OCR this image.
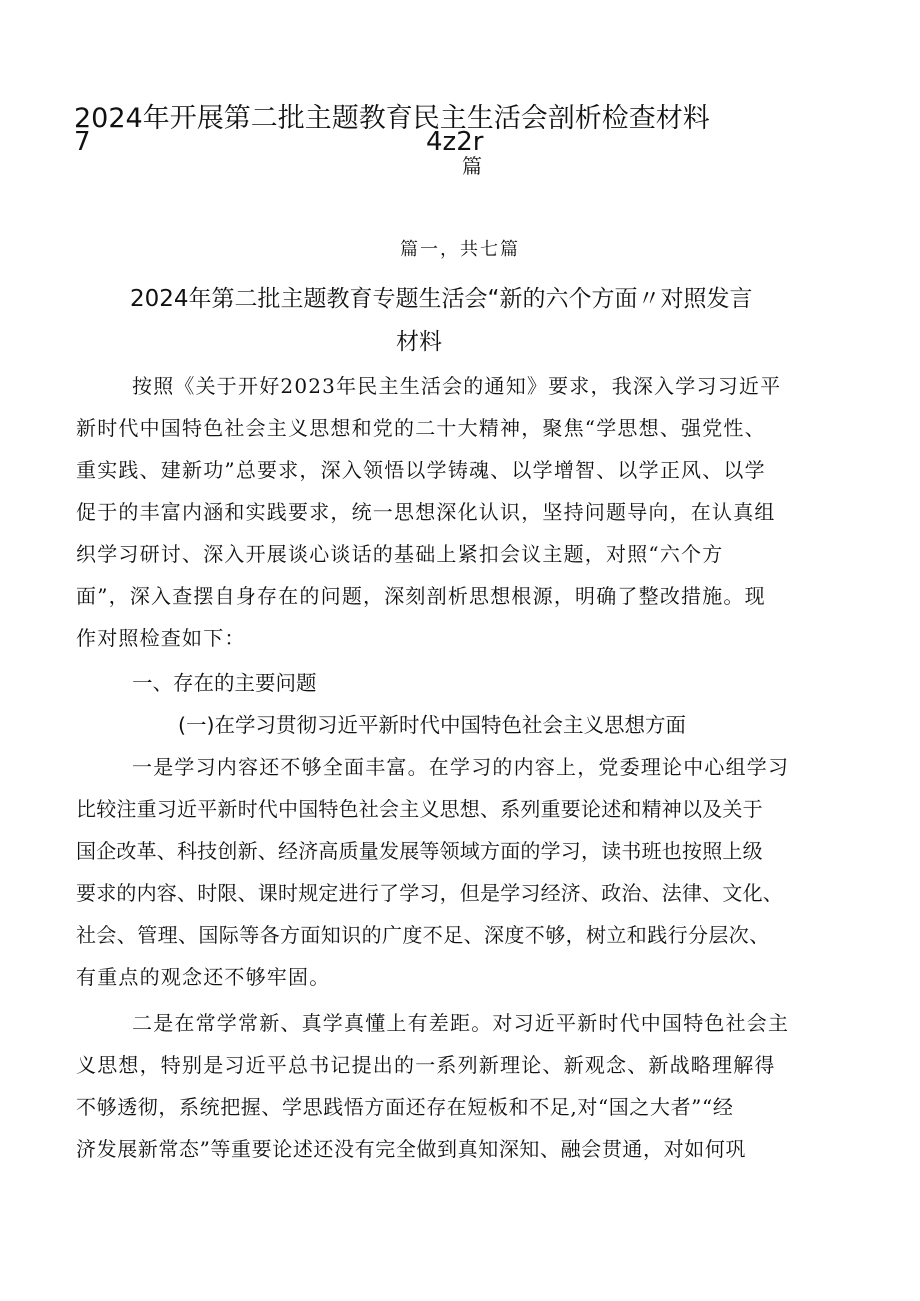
2024年开展第二批主题教育民主生活会剖析检查材料
7	4z2r
篇
篇一，共七篇
2024年第二批主题教育专题生活会“新的六个方面〃对照发言
材料
按照《关于开好2023年民主生活会的通知》要求，我深入学习习近平
新时代中国特色社会主义思想和党的二十大精神，聚焦“学思想、强党性、
重实践、建新功”总要求，深入领悟以学铸魂、以学增智、以学正风、以学
促于的丰富内涵和实践要求，统一思想深化认识，坚持问题导向，在认真组
织学习研讨、深入开展谈心谈话的基础上紧扣会议主题，对照“六个方
面”，深入查摆自身存在的问题，深刻剖析思想根源，明确了整改措施。现
作对照检查如下：
一、存在的主要问题
(一)在学习贯彻习近平新时代中国特色社会主义思想方面
一是学习内容还不够全面丰富。在学习的内容上，党委理论中心组学习
比较注重习近平新时代中国特色社会主义思想、系列重要论述和精神以及关于
国企改革、科技创新、经济高质量发展等领域方面的学习，读书班也按照上级
要求的内容、时限、课时规定进行了学习，但是学习经济、政治、法律、文化、
社会、管理、国际等各方面知识的广度不足、深度不够，树立和践行分层次、
有重点的观念还不够牢固。
二是在常学常新、真学真懂上有差距。对习近平新时代中国特色社会主
义思想，特别是习近平总书记提出的一系列新理论、新观念、新战略理解得
不够透彻，系统把握、学思践悟方面还存在短板和不足,对“国之大者”“经
济发展新常态”等重要论述还没有完全做到真知深知、融会贯通，对如何巩
